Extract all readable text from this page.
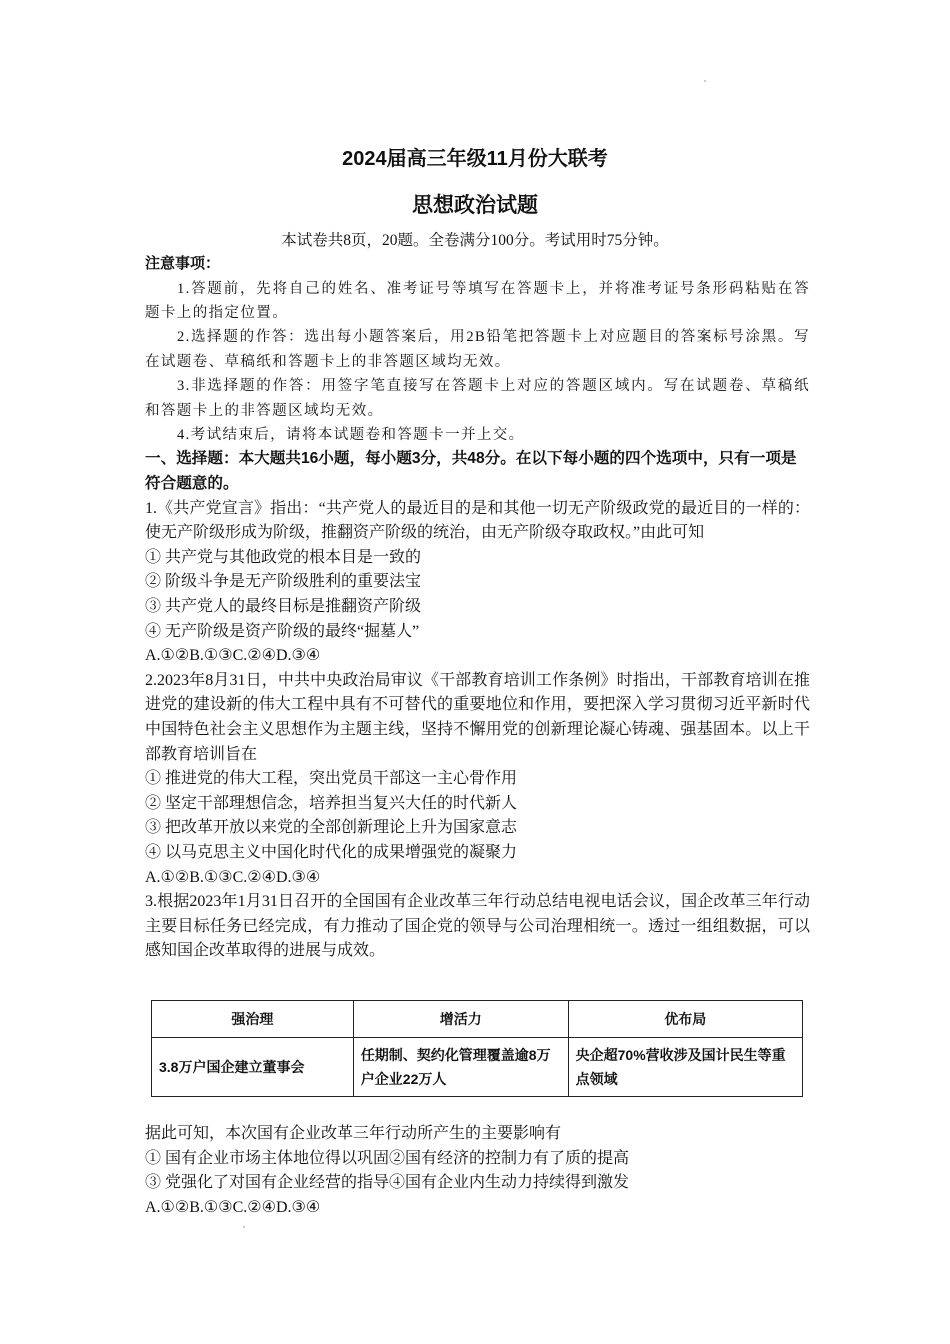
2024届高三年级11月份大联考
思想政治试题
本试卷共8页，20题。全卷满分100分。考试用时75分钟。

注意事项：

1.答题前，先将自己的姓名、准考证号等填写在答题卡上，并将准考证号条形码粘贴在答题卡上的指定位置。

2.选择题的作答：选出每小题答案后，用2B铅笔把答题卡上对应题目的答案标号涂黑。写在试题卷、草稿纸和答题卡上的非答题区域均无效。

3.非选择题的作答：用签字笔直接写在答题卡上对应的答题区域内。写在试题卷、草稿纸和答题卡上的非答题区域均无效。

4.考试结束后，请将本试题卷和答题卡一并上交。

一、选择题：本大题共16小题，每小题3分，共48分。在以下每小题的四个选项中，只有一项是符合题意的。

1.《共产党宣言》指出：“共产党人的最近目的是和其他一切无产阶级政党的最近目的一样的：使无产阶级形成为阶级，推翻资产阶级的统治，由无产阶级夺取政权。”由此可知

① 共产党与其他政党的根本目是一致的

② 阶级斗争是无产阶级胜利的重要法宝

③ 共产党人的最终目标是推翻资产阶级

④ 无产阶级是资产阶级的最终“掘墓人”

A.①②B.①③C.②④D.③④

2.2023年8月31日，中共中央政治局审议《干部教育培训工作条例》时指出，干部教育培训在推进党的建设新的伟大工程中具有不可替代的重要地位和作用，要把深入学习贯彻习近平新时代中国特色社会主义思想作为主题主线，坚持不懈用党的创新理论凝心铸魂、强基固本。以上干部教育培训旨在

① 推进党的伟大工程，突出党员干部这一主心骨作用

② 坚定干部理想信念，培养担当复兴大任的时代新人

③ 把改革开放以来党的全部创新理论上升为国家意志

④ 以马克思主义中国化时代化的成果增强党的凝聚力

A.①②B.①③C.②④D.③④

3.根据2023年1月31日召开的全国国有企业改革三年行动总结电视电话会议，国企改革三年行动主要目标任务已经完成，有力推动了国企党的领导与公司治理相统一。透过一组组数据，可以感知国企改革取得的进展与成效。

强治理	增活力	优布局
3.8万户国企建立董事会	任期制、契约化管理覆盖逾8万户企业22万人	央企超70%营收涉及国计民生等重点领域

据此可知，本次国有企业改革三年行动所产生的主要影响有

① 国有企业市场主体地位得以巩固②国有经济的控制力有了质的提高

③ 党强化了对国有企业经营的指导④国有企业内生动力持续得到激发

A.①②B.①③C.②④D.③④
